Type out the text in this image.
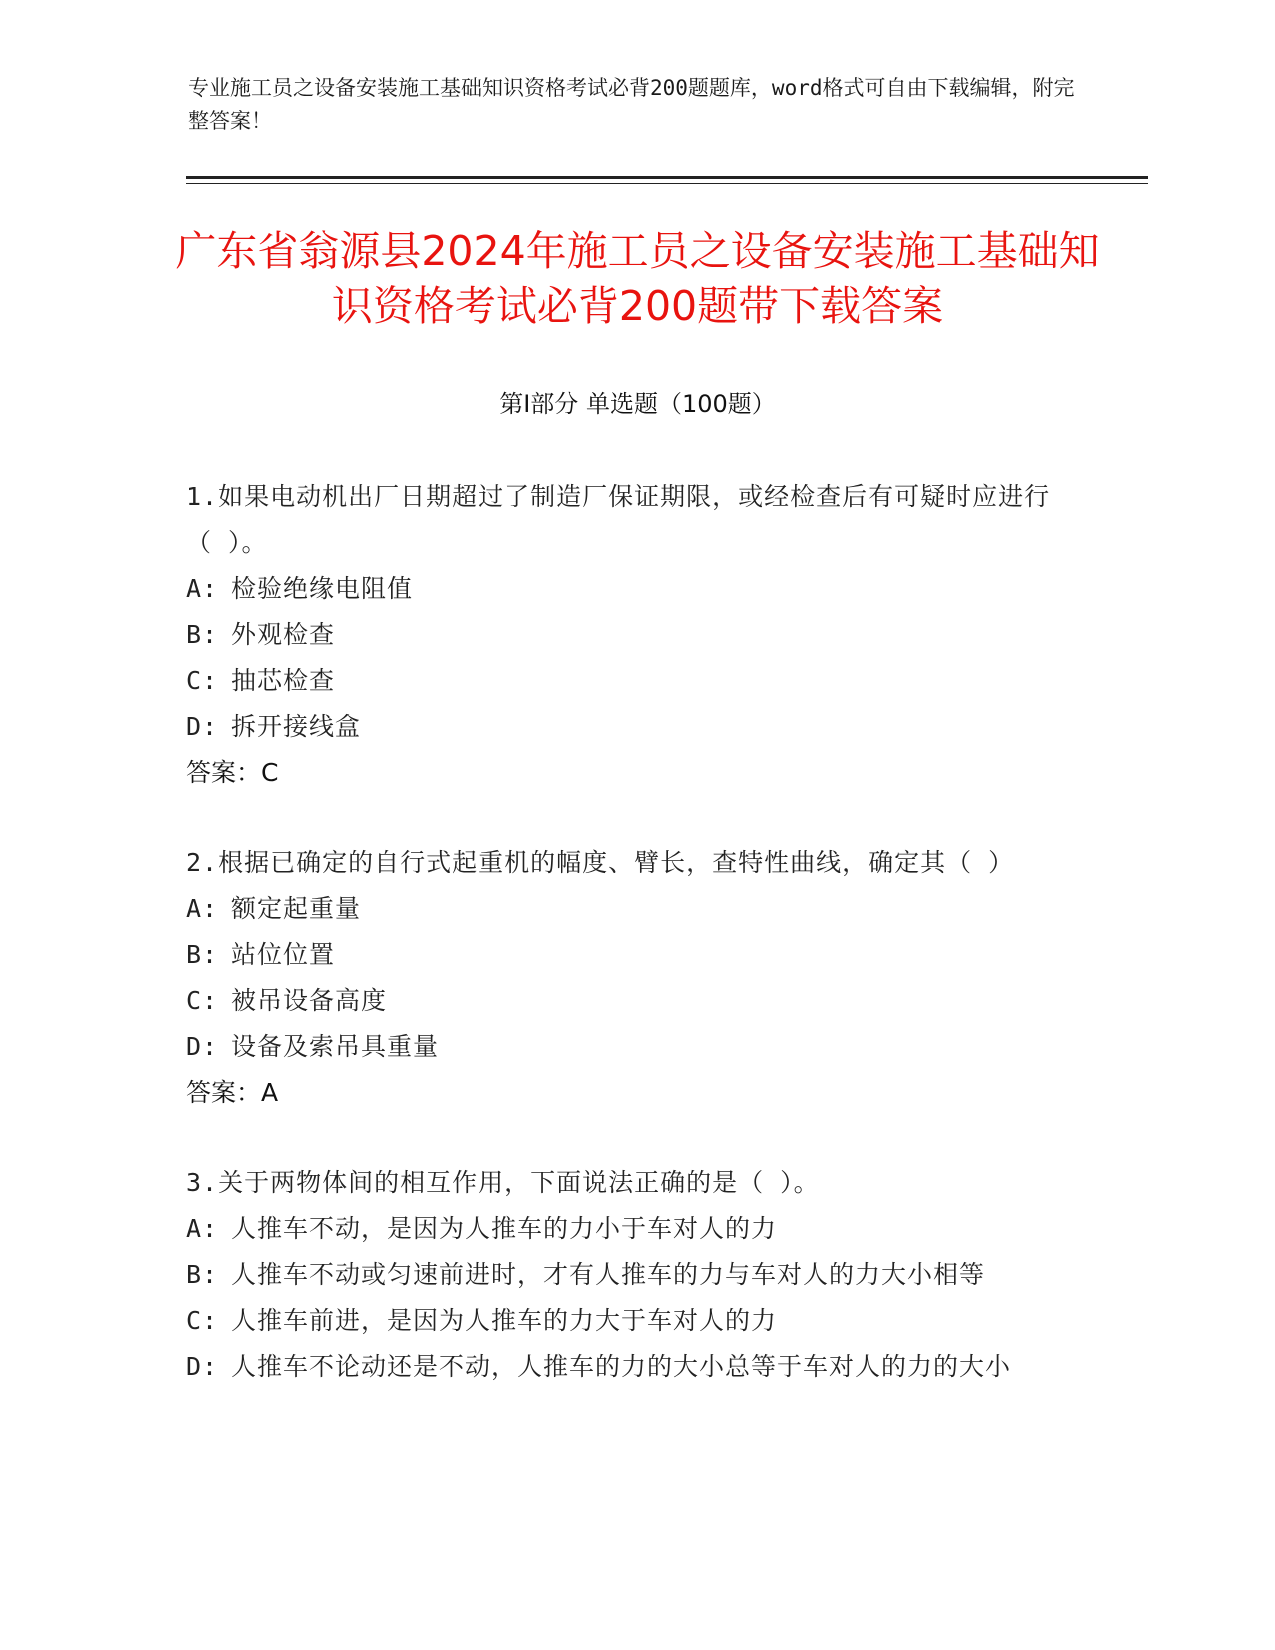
专业施工员之设备安装施工基础知识资格考试必背200题题库，word格式可自由下载编辑，附完整答案！
广东省翁源县2024年施工员之设备安装施工基础知识资格考试必背200题带下载答案
第Ⅰ部分 单选题（100题）
1.如果电动机出厂日期超过了制造厂保证期限，或经检查后有可疑时应进行（ ）。
A: 检验绝缘电阻值
B: 外观检查
C: 抽芯检查
D: 拆开接线盒
答案：C
2.根据已确定的自行式起重机的幅度、臂长，查特性曲线，确定其（ ）
A: 额定起重量
B: 站位位置
C: 被吊设备高度
D: 设备及索吊具重量
答案：A
3.关于两物体间的相互作用，下面说法正确的是（ ）。
A: 人推车不动，是因为人推车的力小于车对人的力
B: 人推车不动或匀速前进时，才有人推车的力与车对人的力大小相等
C: 人推车前进，是因为人推车的力大于车对人的力
D: 人推车不论动还是不动，人推车的力的大小总等于车对人的力的大小
